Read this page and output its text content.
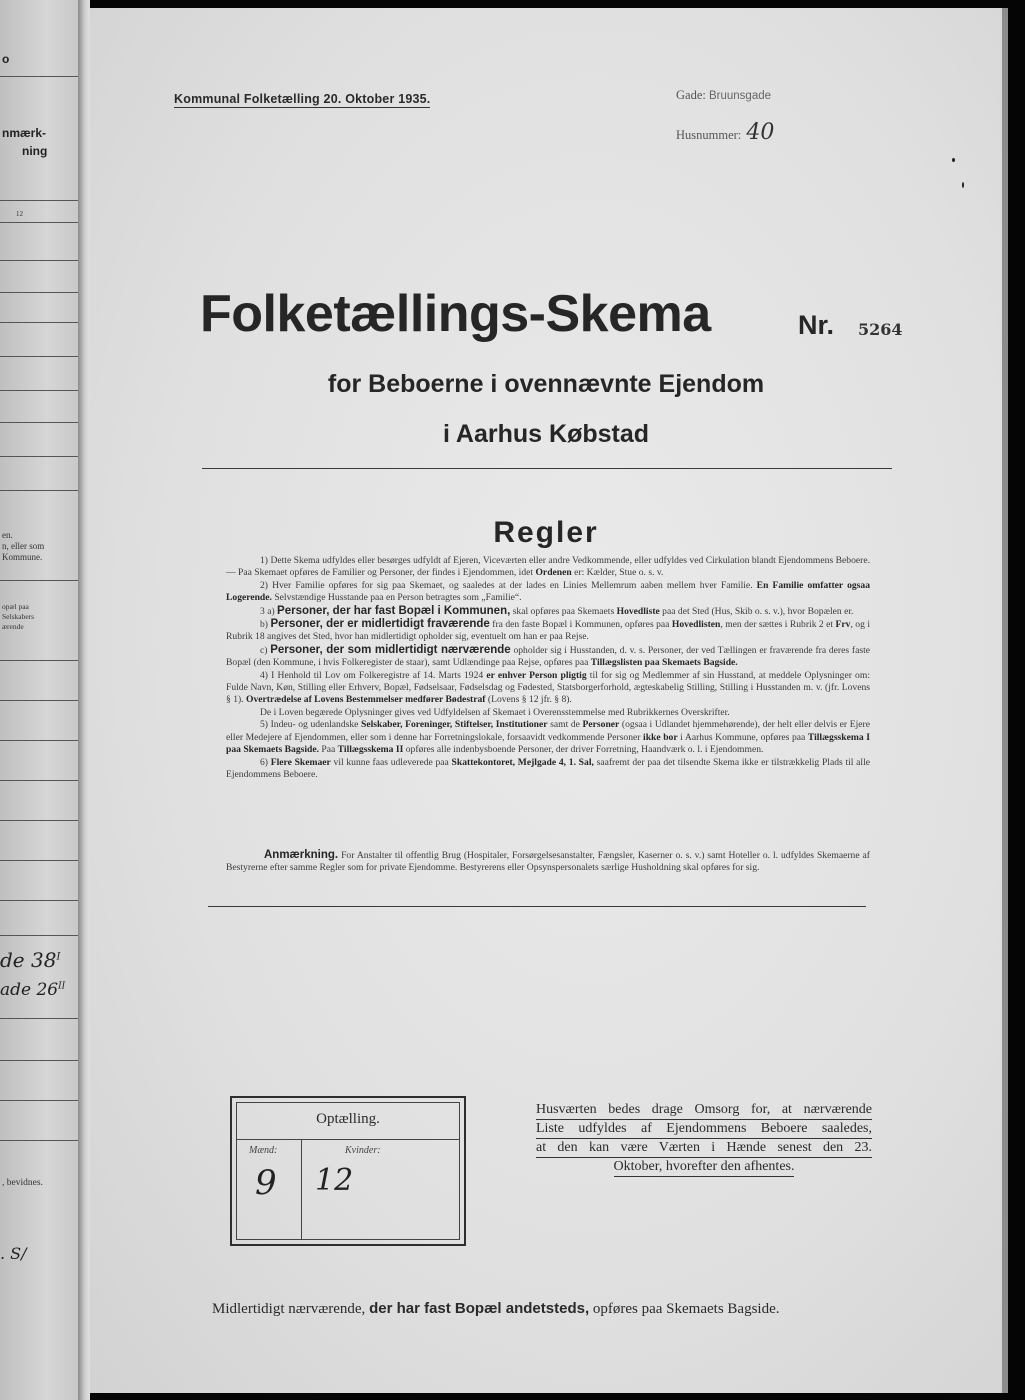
o
nmærk-
ning
12
en.
n, eller som
Kommune.
opæl paa
Selskabers
ærende
de $38^I$
ade $26^{II}$
, bevidnes.
. S/
Kommunal Folketælling 20. Oktober 1935.	Gade: Bruunsgade
Husnummer: 40
Folketællings-Skema	Nr. 5264
for Beboerne i ovennævnte Ejendom
i Aarhus Købstad
Regler

1) Dette Skema udfyldes eller besørges udfyldt af Ejeren, Viceværten eller andre Vedkommende, eller udfyldes ved Cirkulation blandt Ejendommens Beboere. — Paa Skemaet opføres de Familier og Personer, der findes i Ejendommen, idet Ordenen er: Kælder, Stue o. s. v.

2) Hver Familie opføres for sig paa Skemaet, og saaledes at der lades en Linies Mellemrum aaben mellem hver Familie. En Familie omfatter ogsaa Logerende. Selvstændige Husstande paa en Person betragtes som „Familie“.

3 a) Personer, der har fast Bopæl i Kommunen, skal opføres paa Skemaets Hovedliste paa det Sted (Hus, Skib o. s. v.), hvor Bopælen er.

b) Personer, der er midlertidigt fraværende fra den faste Bopæl i Kommunen, opføres paa Hovedlisten, men der sættes i Rubrik 2 et Frv, og i Rubrik 18 angives det Sted, hvor han midlertidigt opholder sig, eventuelt om han er paa Rejse.

c) Personer, der som midlertidigt nærværende opholder sig i Husstanden, d. v. s. Personer, der ved Tællingen er fraværende fra deres faste Bopæl (den Kommune, i hvis Folkeregister de staar), samt Udlændinge paa Rejse, opføres paa Tillægslisten paa Skemaets Bagside.

4) I Henhold til Lov om Folkeregistre af 14. Marts 1924 er enhver Person pligtig til for sig og Medlemmer af sin Husstand, at meddele Oplysninger om: Fulde Navn, Køn, Stilling eller Erhverv, Bopæl, Fødselsaar, Fødselsdag og Fødested, Statsborgerforhold, ægteskabelig Stilling, Stilling i Husstanden m. v. (jfr. Lovens § 1). Overtrædelse af Lovens Bestemmelser medfører Bødestraf (Lovens § 12 jfr. § 8).

De i Loven begærede Oplysninger gives ved Udfyldelsen af Skemaet i Overensstemmelse med Rubrikkernes Overskrifter.

5) Indeu- og udenlandske Selskaber, Foreninger, Stiftelser, Institutioner samt de Personer (ogsaa i Udlandet hjemmehørende), der helt eller delvis er Ejere eller Medejere af Ejendommen, eller som i denne har Forretningslokale, forsaavidt vedkommende Personer ikke bor i Aarhus Kommune, opføres paa Tillægsskema I paa Skemaets Bagside. Paa Tillægsskema II opføres alle indenbysboende Personer, der driver Forretning, Haandværk o. l. i Ejendommen.

6) Flere Skemaer vil kunne faas udleverede paa Skattekontoret, Mejlgade 4, 1. Sal, saafremt der paa det tilsendte Skema ikke er tilstrækkelig Plads til alle Ejendommens Beboere.

Anmærkning. For Anstalter til offentlig Brug (Hospitaler, Forsørgelsesanstalter, Fængsler, Kaserner o. s. v.) samt Hoteller o. l. udfyldes Skemaerne af Bestyrerne efter samme Regler som for private Ejendomme. Bestyrerens eller Opsynspersonalets særlige Husholdning skal opføres for sig.

Optælling.
Mænd:	Kvinder:
9 12
Husværten bedes drage Omsorg for, at nærværende
Liste udfyldes af Ejendommens Beboere saaledes,
at den kan være Værten i Hænde senest den 23.
Oktober, hvorefter den afhentes.
Midlertidigt nærværende, der har fast Bopæl andetsteds, opføres paa Skemaets Bagside.
